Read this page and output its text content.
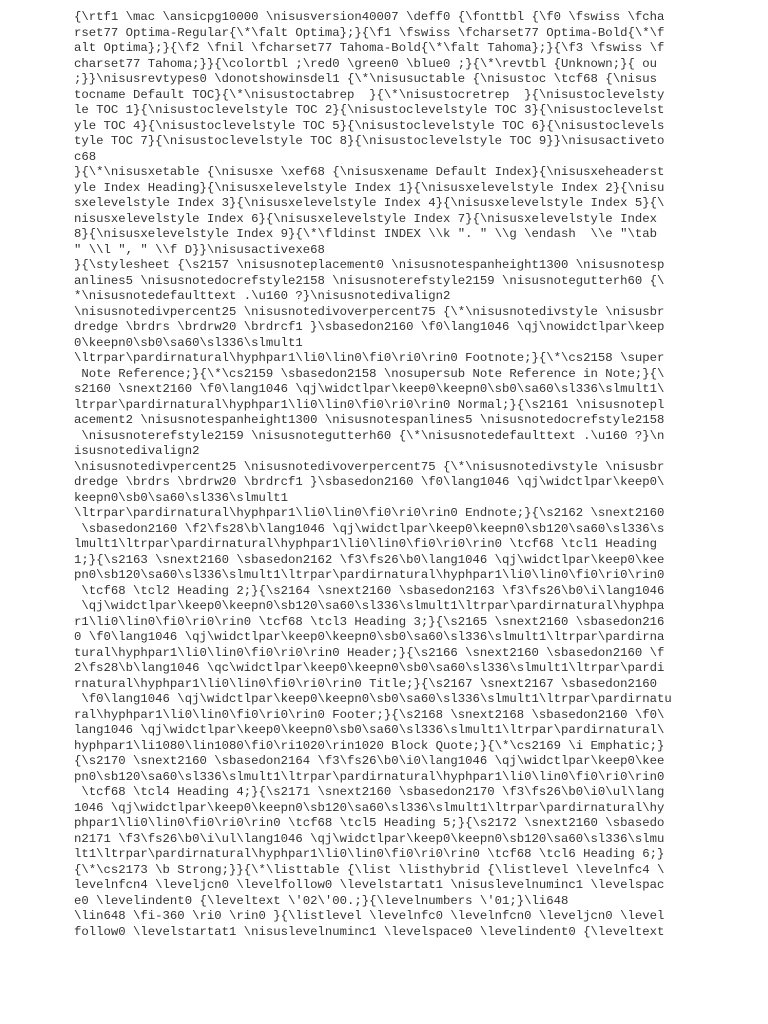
{\rtf1 \mac \ansicpg10000 \nisusversion40007 \deff0 {\fonttbl {\f0 \fswiss \fcha
rset77 Optima-Regular{\*\falt Optima};}{\f1 \fswiss \fcharset77 Optima-Bold{\*\f
alt Optima};}{\f2 \fnil \fcharset77 Tahoma-Bold{\*\falt Tahoma};}{\f3 \fswiss \f
charset77 Tahoma;}}{\colortbl ;\red0 \green0 \blue0 ;}{\*\revtbl {Unknown;}{ ou
;}}\nisusrevtypes0 \donotshowinsdel1 {\*\nisusuctable {\nisustoc \tcf68 {\nisus
tocname Default TOC}{\*\nisustoctabrep  }{\*\nisustocretrep  }{\nisustoclevelsty
le TOC 1}{\nisustoclevelstyle TOC 2}{\nisustoclevelstyle TOC 3}{\nisustoclevelst
yle TOC 4}{\nisustoclevelstyle TOC 5}{\nisustoclevelstyle TOC 6}{\nisustoclevels
tyle TOC 7}{\nisustoclevelstyle TOC 8}{\nisustoclevelstyle TOC 9}}\nisusactiveto
c68
}{\*\nisusxetable {\nisusxe \xef68 {\nisusxename Default Index}{\nisusxeheaderst
yle Index Heading}{\nisusxelevelstyle Index 1}{\nisusxelevelstyle Index 2}{\nisu
sxelevelstyle Index 3}{\nisusxelevelstyle Index 4}{\nisusxelevelstyle Index 5}{\
nisusxelevelstyle Index 6}{\nisusxelevelstyle Index 7}{\nisusxelevelstyle Index
8}{\nisusxelevelstyle Index 9}{\*\fldinst INDEX \\k ". " \\g \endash  \\e "\tab
" \\l ", " \\f D}}\nisusactivexe68
}{\stylesheet {\s2157 \nisusnoteplacement0 \nisusnotespanheight1300 \nisusnotesp
anlines5 \nisusnotedocrefstyle2158 \nisusnoterefstyle2159 \nisusnotegutterh60 {\
*\nisusnotedefaulttext .\u160 ?}\nisusnotedivalign2
\nisusnotedivpercent25 \nisusnotedivoverpercent75 {\*\nisusnotedivstyle \nisusbr
dredge \brdrs \brdrw20 \brdrcf1 }\sbasedon2160 \f0\lang1046 \qj\nowidctlpar\keep
0\keepn0\sb0\sa60\sl336\slmult1
\ltrpar\pardirnatural\hyphpar1\li0\lin0\fi0\ri0\rin0 Footnote;}{\*\cs2158 \super
Note Reference;}{\*\cs2159 \sbasedon2158 \nosupersub Note Reference in Note;}{\
s2160 \snext2160 \f0\lang1046 \qj\widctlpar\keep0\keepn0\sb0\sa60\sl336\slmult1\
ltrpar\pardirnatural\hyphpar1\li0\lin0\fi0\ri0\rin0 Normal;}{\s2161 \nisusnotepl
acement2 \nisusnotespanheight1300 \nisusnotespanlines5 \nisusnotedocrefstyle2158
\nisusnoterefstyle2159 \nisusnotegutterh60 {\*\nisusnotedefaulttext .\u160 ?}\n
isusnotedivalign2
\nisusnotedivpercent25 \nisusnotedivoverpercent75 {\*\nisusnotedivstyle \nisusbr
dredge \brdrs \brdrw20 \brdrcf1 }\sbasedon2160 \f0\lang1046 \qj\widctlpar\keep0\
keepn0\sb0\sa60\sl336\slmult1
\ltrpar\pardirnatural\hyphpar1\li0\lin0\fi0\ri0\rin0 Endnote;}{\s2162 \snext2160
\sbasedon2160 \f2\fs28\b\lang1046 \qj\widctlpar\keep0\keepn0\sb120\sa60\sl336\s
lmult1\ltrpar\pardirnatural\hyphpar1\li0\lin0\fi0\ri0\rin0 \tcf68 \tcl1 Heading
1;}{\s2163 \snext2160 \sbasedon2162 \f3\fs26\b0\lang1046 \qj\widctlpar\keep0\kee
pn0\sb120\sa60\sl336\slmult1\ltrpar\pardirnatural\hyphpar1\li0\lin0\fi0\ri0\rin0
\tcf68 \tcl2 Heading 2;}{\s2164 \snext2160 \sbasedon2163 \f3\fs26\b0\i\lang1046
\qj\widctlpar\keep0\keepn0\sb120\sa60\sl336\slmult1\ltrpar\pardirnatural\hyphpa
r1\li0\lin0\fi0\ri0\rin0 \tcf68 \tcl3 Heading 3;}{\s2165 \snext2160 \sbasedon216
0 \f0\lang1046 \qj\widctlpar\keep0\keepn0\sb0\sa60\sl336\slmult1\ltrpar\pardirna
tural\hyphpar1\li0\lin0\fi0\ri0\rin0 Header;}{\s2166 \snext2160 \sbasedon2160 \f
2\fs28\b\lang1046 \qc\widctlpar\keep0\keepn0\sb0\sa60\sl336\slmult1\ltrpar\pardi
rnatural\hyphpar1\li0\lin0\fi0\ri0\rin0 Title;}{\s2167 \snext2167 \sbasedon2160
\f0\lang1046 \qj\widctlpar\keep0\keepn0\sb0\sa60\sl336\slmult1\ltrpar\pardirnatu
ral\hyphpar1\li0\lin0\fi0\ri0\rin0 Footer;}{\s2168 \snext2168 \sbasedon2160 \f0\
lang1046 \qj\widctlpar\keep0\keepn0\sb0\sa60\sl336\slmult1\ltrpar\pardirnatural\
hyphpar1\li1080\lin1080\fi0\ri1020\rin1020 Block Quote;}{\*\cs2169 \i Emphatic;}
{\s2170 \snext2160 \sbasedon2164 \f3\fs26\b0\i0\lang1046 \qj\widctlpar\keep0\kee
pn0\sb120\sa60\sl336\slmult1\ltrpar\pardirnatural\hyphpar1\li0\lin0\fi0\ri0\rin0
\tcf68 \tcl4 Heading 4;}{\s2171 \snext2160 \sbasedon2170 \f3\fs26\b0\i0\ul\lang
1046 \qj\widctlpar\keep0\keepn0\sb120\sa60\sl336\slmult1\ltrpar\pardirnatural\hy
phpar1\li0\lin0\fi0\ri0\rin0 \tcf68 \tcl5 Heading 5;}{\s2172 \snext2160 \sbasedo
n2171 \f3\fs26\b0\i\ul\lang1046 \qj\widctlpar\keep0\keepn0\sb120\sa60\sl336\slmu
lt1\ltrpar\pardirnatural\hyphpar1\li0\lin0\fi0\ri0\rin0 \tcf68 \tcl6 Heading 6;}
{\*\cs2173 \b Strong;}}{\*\listtable {\list \listhybrid {\listlevel \levelnfc4 \
levelnfcn4 \leveljcn0 \levelfollow0 \levelstartat1 \nisuslevelnuminc1 \levelspac
e0 \levelindent0 {\leveltext \'02\'00.;}{\levelnumbers \'01;}\li648
\lin648 \fi-360 \ri0 \rin0 }{\listlevel \levelnfc0 \levelnfcn0 \leveljcn0 \level
follow0 \levelstartat1 \nisuslevelnuminc1 \levelspace0 \levelindent0 {\leveltext
